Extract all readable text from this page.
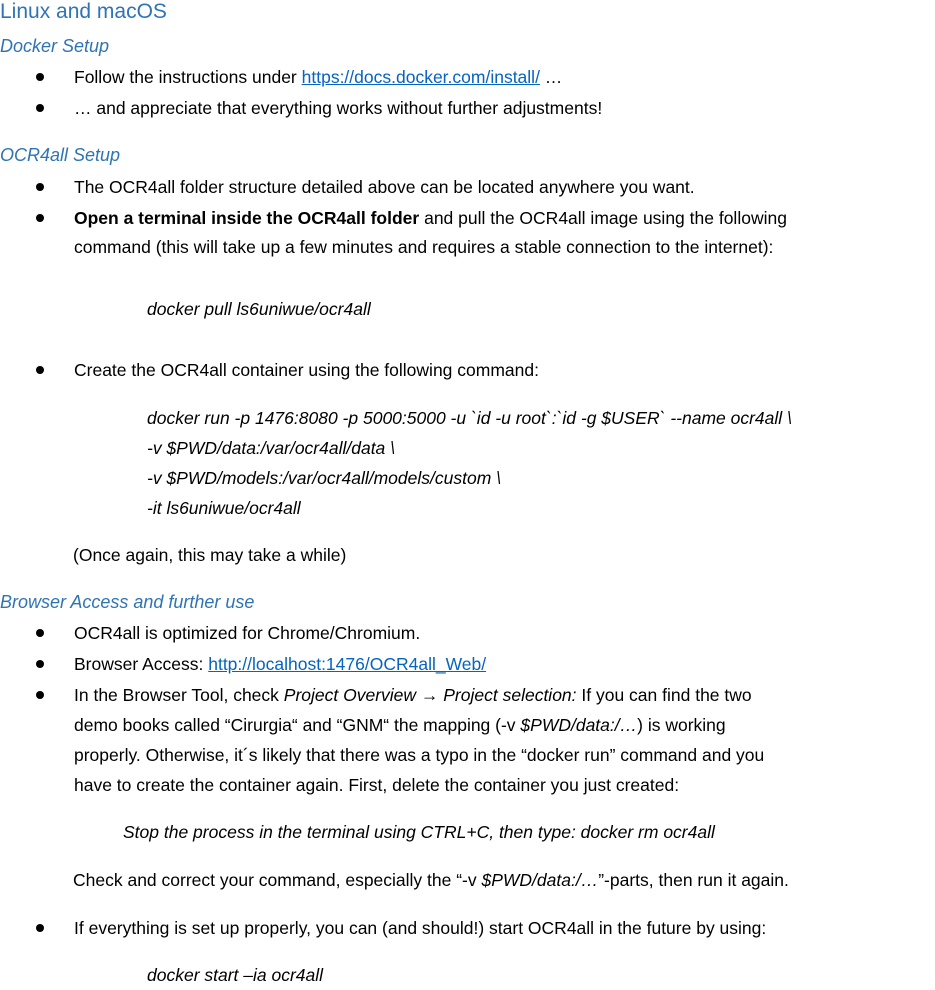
Linux and macOS
Docker Setup
Follow the instructions under https://docs.docker.com/install/ …
… and appreciate that everything works without further adjustments!
OCR4all Setup
The OCR4all folder structure detailed above can be located anywhere you want.
Open a terminal inside the OCR4all folder and pull the OCR4all image using the following
command (this will take up a few minutes and requires a stable connection to the internet):
docker pull ls6uniwue/ocr4all
Create the OCR4all container using the following command:
docker run -p 1476:8080 -p 5000:5000 -u `id -u root`:`id -g $USER` --name ocr4all \
-v $PWD/data:/var/ocr4all/data \
-v $PWD/models:/var/ocr4all/models/custom \
-it ls6uniwue/ocr4all
(Once again, this may take a while)
Browser Access and further use
OCR4all is optimized for Chrome/Chromium.
Browser Access: http://localhost:1476/OCR4all_Web/
In the Browser Tool, check Project Overview → Project selection: If you can find the two
demo books called “Cirurgia“ and “GNM“ the mapping (-v $PWD/data:/…) is working
properly. Otherwise, it´s likely that there was a typo in the “docker run” command and you
have to create the container again. First, delete the container you just created:
Stop the process in the terminal using CTRL+C, then type: docker rm ocr4all
Check and correct your command, especially the “-v $PWD/data:/…”-parts, then run it again.
If everything is set up properly, you can (and should!) start OCR4all in the future by using:
docker start –ia ocr4all
